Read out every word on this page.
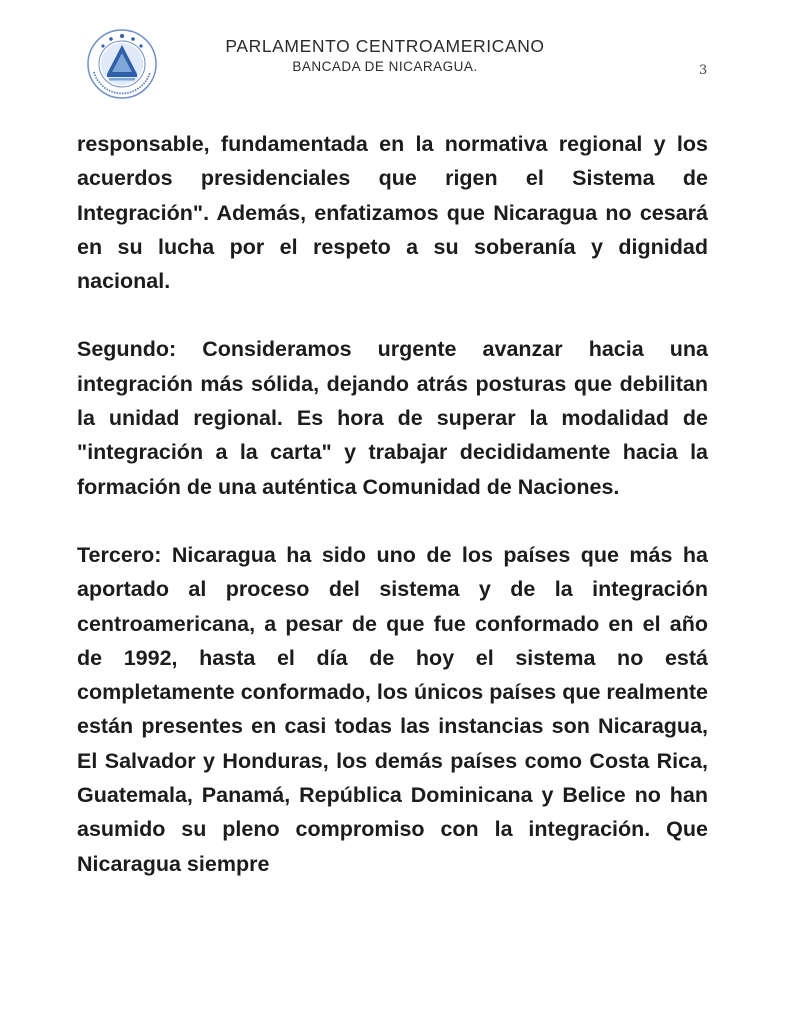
PARLAMENTO CENTROAMERICANO
BANCADA DE NICARAGUA.	3

responsable, fundamentada en la normativa regional y los acuerdos presidenciales que rigen el Sistema de Integración". Además, enfatizamos que Nicaragua no cesará en su lucha por el respeto a su soberanía y dignidad nacional.

Segundo: Consideramos urgente avanzar hacia una integración más sólida, dejando atrás posturas que debilitan la unidad regional. Es hora de superar la modalidad de "integración a la carta" y trabajar decididamente hacia la formación de una auténtica Comunidad de Naciones.

Tercero: Nicaragua ha sido uno de los países que más ha aportado al proceso del sistema y de la integración centroamericana, a pesar de que fue conformado en el año de 1992, hasta el día de hoy el sistema no está completamente conformado, los únicos países que realmente están presentes en casi todas las instancias son Nicaragua, El Salvador y Honduras, los demás países como Costa Rica, Guatemala, Panamá, República Dominicana y Belice no han asumido su pleno compromiso con la integración. Que Nicaragua siempre
